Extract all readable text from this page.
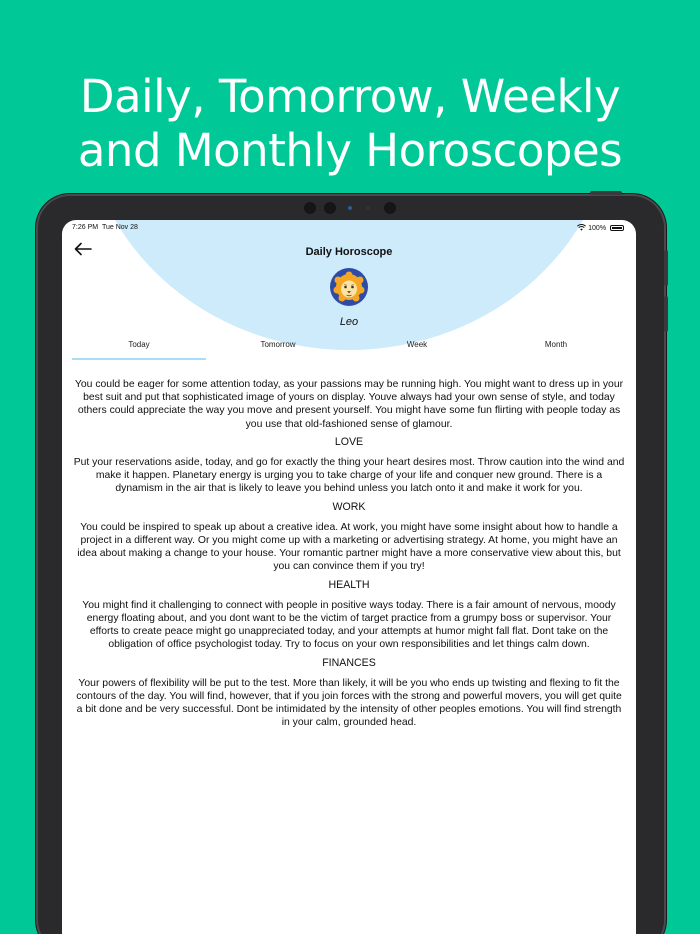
Daily, Tomorrow, Weekly
and Monthly Horoscopes
7:26 PM Tue Nov 28	100%
Daily Horoscope
Leo
Today	Tomorrow	Week	Month

You could be eager for some attention today, as your passions may be running high. You might want to dress up in your best suit and put that sophisticated image of yours on display. Youve always had your own sense of style, and today others could appreciate the way you move and present yourself. You might have some fun flirting with people today as you use that old-fashioned sense of glamour.

LOVE

Put your reservations aside, today, and go for exactly the thing your heart desires most. Throw caution into the wind and make it happen. Planetary energy is urging you to take charge of your life and conquer new ground. There is a dynamism in the air that is likely to leave you behind unless you latch onto it and make it work for you.

WORK

You could be inspired to speak up about a creative idea. At work, you might have some insight about how to handle a project in a different way. Or you might come up with a marketing or advertising strategy. At home, you might have an idea about making a change to your house. Your romantic partner might have a more conservative view about this, but you can convince them if you try!

HEALTH

You might find it challenging to connect with people in positive ways today. There is a fair amount of nervous, moody energy floating about, and you dont want to be the victim of target practice from a grumpy boss or supervisor. Your efforts to create peace might go unappreciated today, and your attempts at humor might fall flat. Dont take on the obligation of office psychologist today. Try to focus on your own responsibilities and let things calm down.

FINANCES

Your powers of flexibility will be put to the test. More than likely, it will be you who ends up twisting and flexing to fit the contours of the day. You will find, however, that if you join forces with the strong and powerful movers, you will get quite a bit done and be very successful. Dont be intimidated by the intensity of other peoples emotions. You will find strength in your calm, grounded head.
